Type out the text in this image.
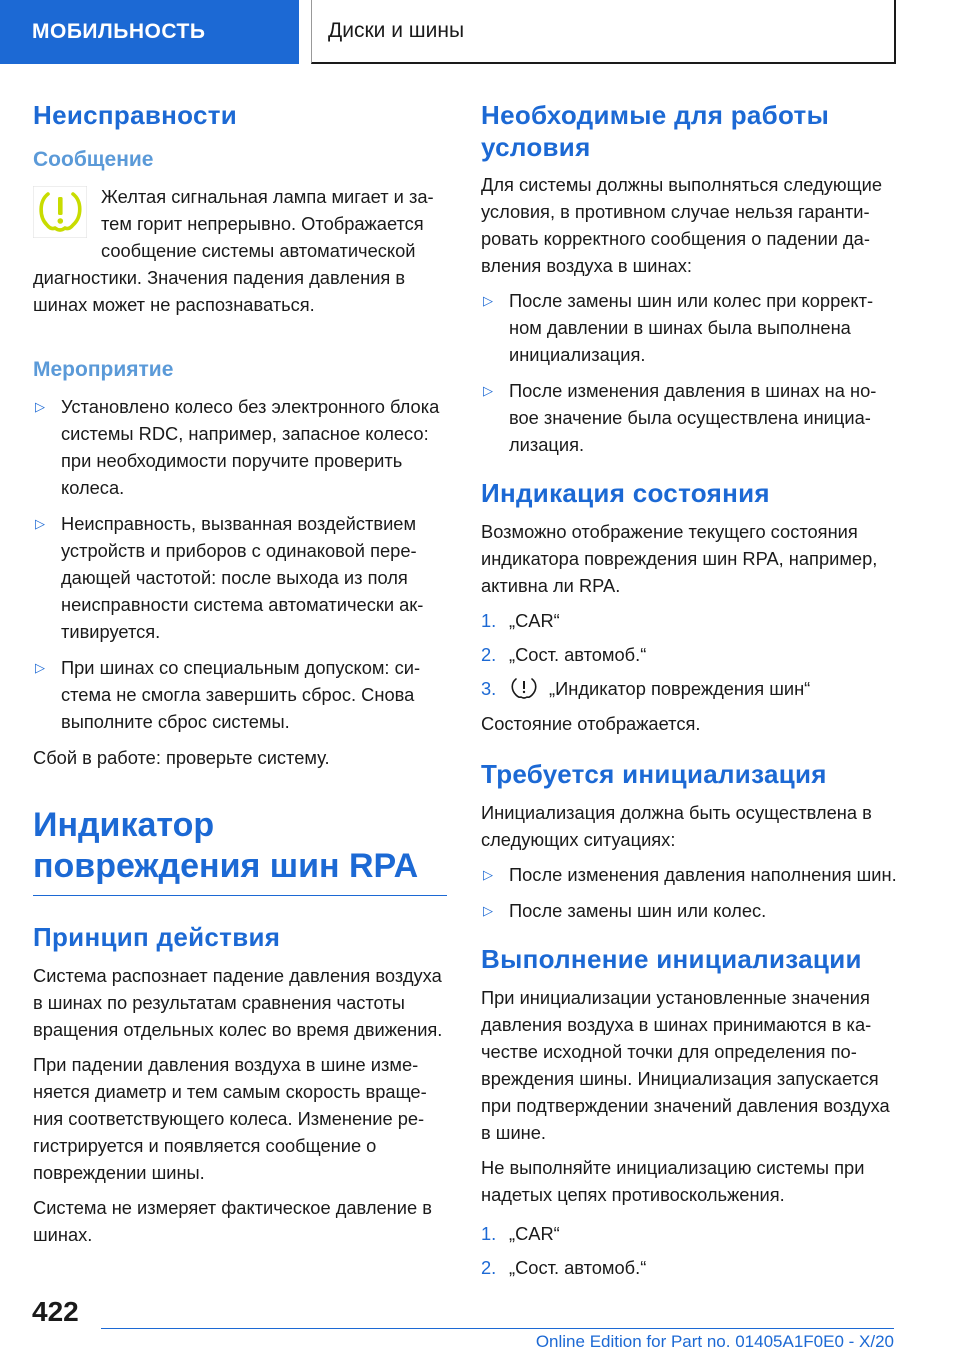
МОБИЛЬНОСТЬ	Диски и шины
Неисправности
Сообщение

Желтая сигнальная лампа мигает и затем горит непрерывно. Отображается сообщение системы автоматической диагностики. Значения падения давления в шинах может не распознаваться.

Мероприятие
▷ Установлено колесо без электронного блока системы RDC, например, запасное колесо: при необходимости поручите проверить колеса.
▷ Неисправность, вызванная воздействием устройств и приборов с одинаковой передающей частотой: после выхода из поля неисправности система автоматически активируется.
▷ При шинах со специальным допуском: система не смогла завершить сброс. Снова выполните сброс системы.

Сбой в работе: проверьте систему.

Индикатор повреждения шин RPA
Принцип действия

Система распознает падение давления воздуха в шинах по результатам сравнения частоты вращения отдельных колес во время движения.

При падении давления воздуха в шине изменяется диаметр и тем самым скорость вращения соответствующего колеса. Изменение регистрируется и появляется сообщение о повреждении шины.

Система не измеряет фактическое давление в шинах.

Необходимые для работы условия

Для системы должны выполняться следующие условия, в противном случае нельзя гарантировать корректного сообщения о падении давления воздуха в шинах:

▷ После замены шин или колес при корректном давлении в шинах была выполнена инициализация.
▷ После изменения давления в шинах на новое значение была осуществлена инициализация.
Индикация состояния

Возможно отображение текущего состояния индикатора повреждения шин RPA, например, активна ли RPA.

1. „CAR“
2. „Сост. автомоб.“
3.	„Индикатор повреждения шин“

Состояние отображается.

Требуется инициализация

Инициализация должна быть осуществлена в следующих ситуациях:

▷ После изменения давления наполнения шин.
▷ После замены шин или колес.
Выполнение инициализации

При инициализации установленные значения давления воздуха в шинах принимаются в качестве исходной точки для определения повреждения шины. Инициализация запускается при подтверждении значений давления воздуха в шине.

Не выполняйте инициализацию системы при надетых цепях противоскольжения.

1. „CAR“
2. „Сост. автомоб.“
422
Online Edition for Part no. 01405A1F0E0 - X/20
